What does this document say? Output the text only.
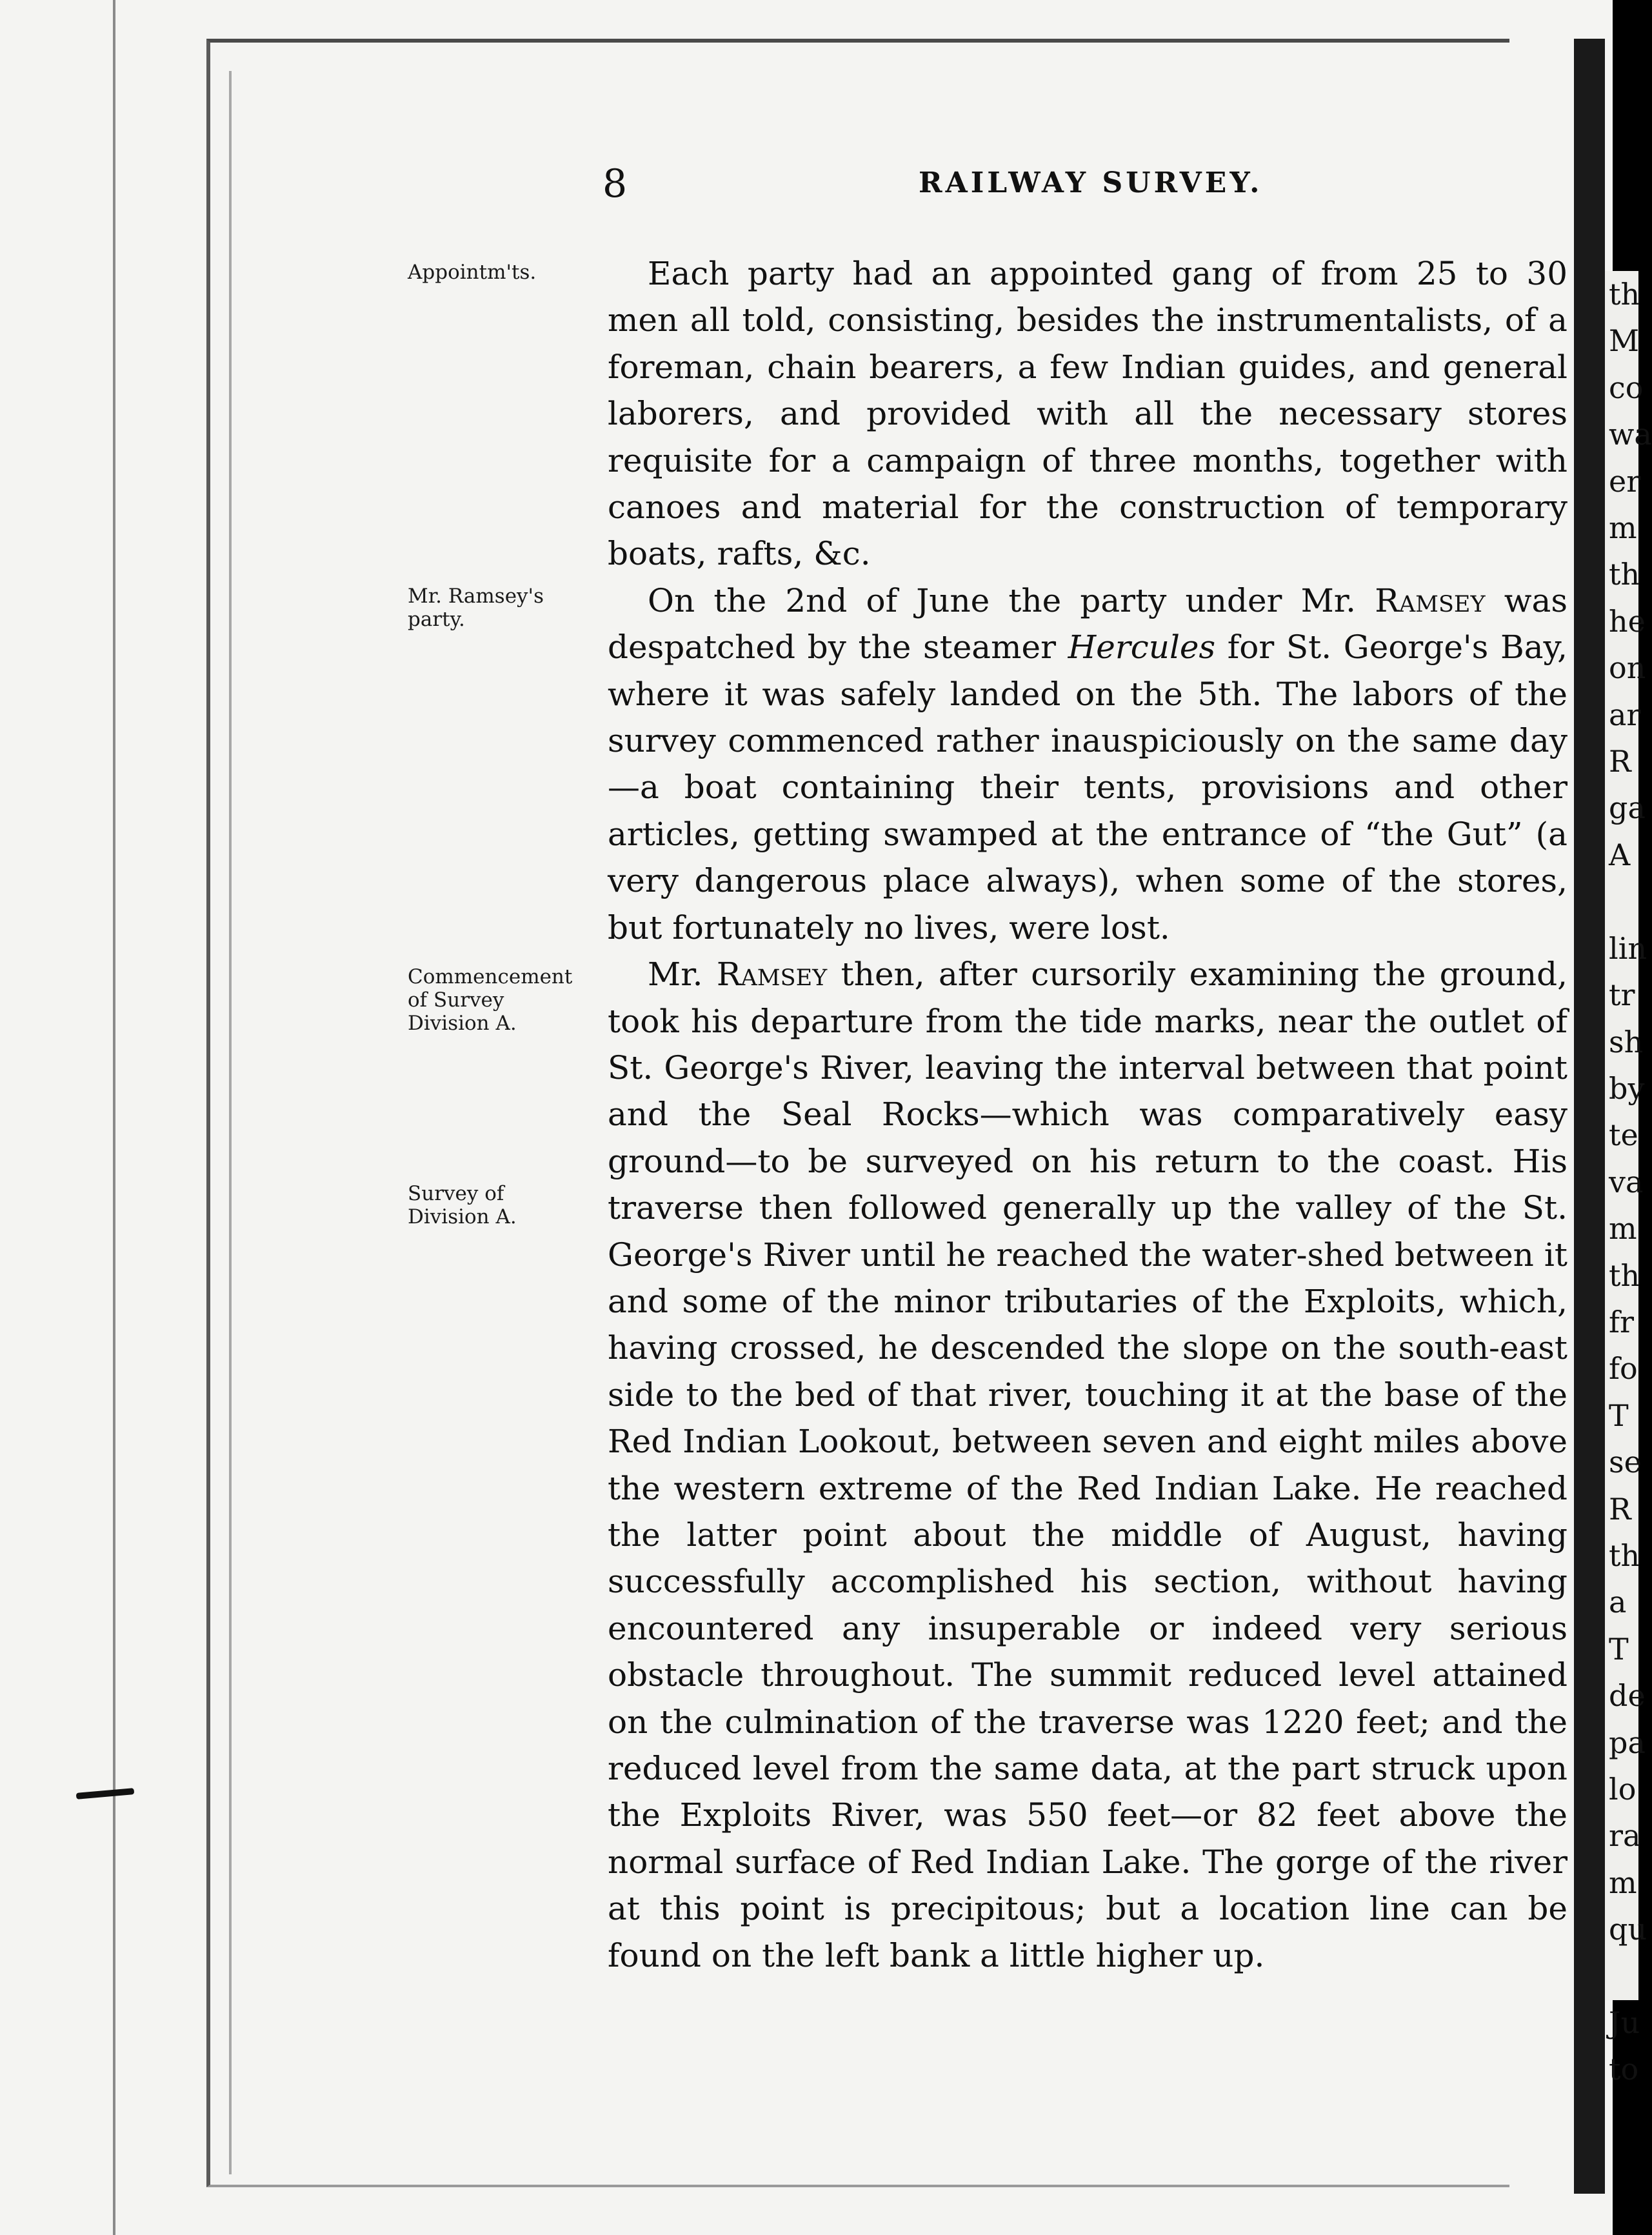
th
M
co
wa
er
m
th
he
on
ar
R
ga
A

lin
tr
sh
by
te
va
m
th
fr
fo
T
se
R
th
a
T
de
pa
lo
ra
m
qu

Ju
to
8	RAILWAY SURVEY.
Appointm'ts.
Mr. Ramsey's party.
Commencement of Survey Division A.
Survey of Division A.

Each party had an appointed gang of from 25 to 30 men all told, consisting, besides the instrumentalists, of a foreman, chain bearers, a few Indian guides, and general laborers, and provided with all the necessary stores requisite for a campaign of three months, together with canoes and material for the construction of temporary boats, rafts, &c.

On the 2nd of June the party under Mr. Ramsey was despatched by the steamer Hercules for St. George's Bay, where it was safely landed on the 5th. The labors of the survey commenced rather inauspiciously on the same day—a boat containing their tents, provisions and other articles, getting swamped at the entrance of “the Gut” (a very dangerous place always), when some of the stores, but fortunately no lives, were lost.

Mr. Ramsey then, after cursorily examining the ground, took his departure from the tide marks, near the outlet of St. George's River, leaving the interval between that point and the Seal Rocks—which was comparatively easy ground—to be surveyed on his return to the coast. His traverse then followed generally up the valley of the St. George's River until he reached the water-shed between it and some of the minor tributaries of the Exploits, which, having crossed, he descended the slope on the south-east side to the bed of that river, touching it at the base of the Red Indian Lookout, between seven and eight miles above the western extreme of the Red Indian Lake. He reached the latter point about the middle of August, having successfully accomplished his section, without having encountered any insuperable or indeed very serious obstacle throughout. The summit reduced level attained on the culmination of the traverse was 1220 feet; and the reduced level from the same data, at the part struck upon the Exploits River, was 550 feet—or 82 feet above the normal surface of Red Indian Lake. The gorge of the river at this point is precipitous; but a location line can be found on the left bank a little higher up.
